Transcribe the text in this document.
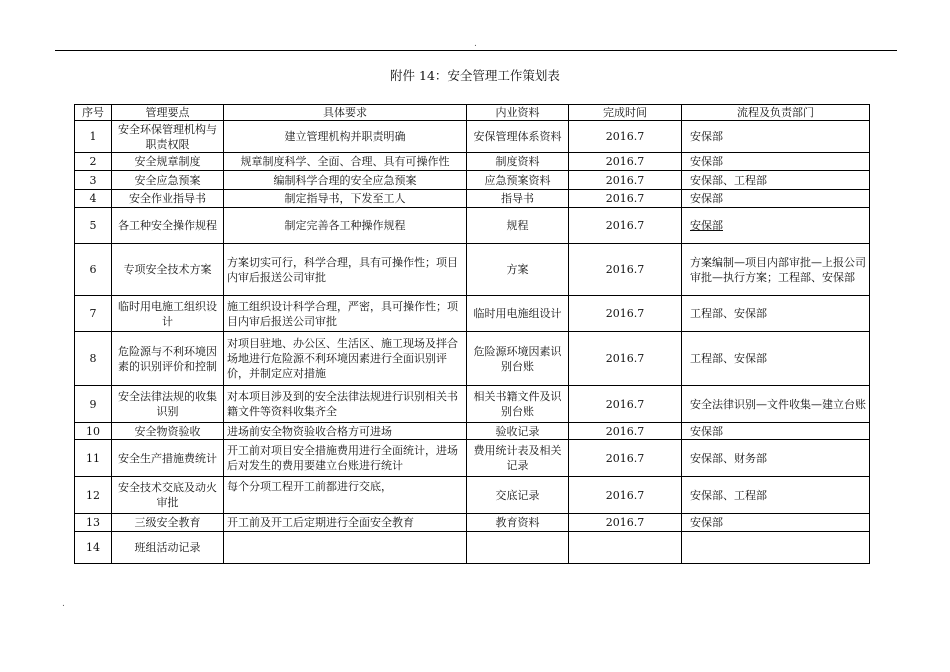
.
附件 14：安全管理工作策划表
序号	管理要点	具体要求	内业资料	完成时间	流程及负责部门
1	安全环保管理机构与职责权限	建立管理机构并职责明确	安保管理体系资料	2016.7	安保部
2	安全规章制度	规章制度科学、全面、合理、具有可操作性	制度资料	2016.7	安保部
3	安全应急预案	编制科学合理的安全应急预案	应急预案资料	2016.7	安保部、工程部
4	安全作业指导书	制定指导书，下发至工人	指导书	2016.7	安保部
5	各工种安全操作规程	制定完善各工种操作规程	规程	2016.7	安保部
6	专项安全技术方案	方案切实可行，科学合理，具有可操作性；项目内审后报送公司审批	方案	2016.7	方案编制—项目内部审批—上报公司审批—执行方案；工程部、安保部
7	临时用电施工组织设计	施工组织设计科学合理，严密，具可操作性；项目内审后报送公司审批	临时用电施组设计	2016.7	工程部、安保部
8	危险源与不利环境因素的识别评价和控制	对项目驻地、办公区、生活区、施工现场及拌合场地进行危险源不利环境因素进行全面识别评价，并制定应对措施	危险源环境因素识别台账	2016.7	工程部、安保部
9	安全法律法规的收集识别	对本项目涉及到的安全法律法规进行识别相关书籍文件等资料收集齐全	相关书籍文件及识别台账	2016.7	安全法律识别—文件收集—建立台账
10	安全物资验收	进场前安全物资验收合格方可进场	验收记录	2016.7	安保部
11	安全生产措施费统计	开工前对项目安全措施费用进行全面统计，进场后对发生的费用要建立台账进行统计	费用统计表及相关记录	2016.7	安保部、财务部
12	安全技术交底及动火审批	每个分项工程开工前都进行交底，	交底记录	2016.7	安保部、工程部
13	三级安全教育	开工前及开工后定期进行全面安全教育	教育资料	2016.7	安保部
14	班组活动记录				
.
